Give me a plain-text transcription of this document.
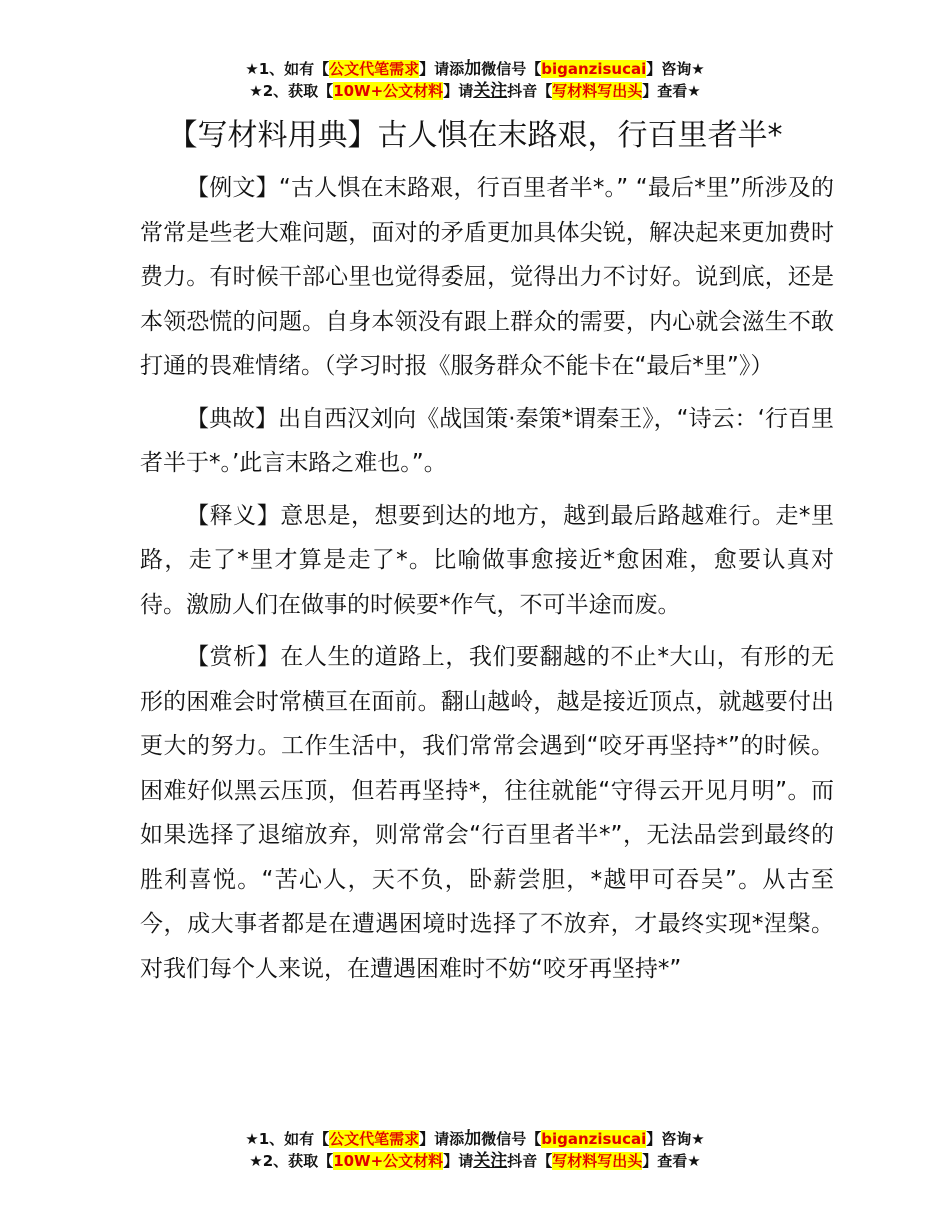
★1、如有【公文代笔需求】请添加微信号【biganzisucai】咨询★
★2、获取【10W+公文材料】请关注抖音【写材料写出头】查看★
【写材料用典】古人惧在末路艰，行百里者半*

【例文】“古人惧在末路艰，行百里者半*。” “最后*里”所涉及的常常是些老大难问题，面对的矛盾更加具体尖锐，解决起来更加费时费力。有时候干部心里也觉得委屈，觉得出力不讨好。说到底，还是本领恐慌的问题。自身本领没有跟上群众的需要，内心就会滋生不敢打通的畏难情绪。（学习时报《服务群众不能卡在“最后*里”》）

【典故】出自西汉刘向《战国策·秦策*谓秦王》，“诗云：‘行百里者半于*。’此言末路之难也。”。

【释义】意思是，想要到达的地方，越到最后路越难行。走*里路，走了*里才算是走了*。比喻做事愈接近*愈困难，愈要认真对待。激励人们在做事的时候要*作气，不可半途而废。

【赏析】在人生的道路上，我们要翻越的不止*大山，有形的无形的困难会时常横亘在面前。翻山越岭，越是接近顶点，就越要付出更大的努力。工作生活中，我们常常会遇到“咬牙再坚持*”的时候。困难好似黑云压顶，但若再坚持*，往往就能“守得云开见月明”。而如果选择了退缩放弃，则常常会“行百里者半*”，无法品尝到最终的胜利喜悦。“苦心人，天不负，卧薪尝胆，*越甲可吞吴”。从古至今，成大事者都是在遭遇困境时选择了不放弃，才最终实现*涅槃。对我们每个人来说，在遭遇困难时不妨“咬牙再坚持*”

★1、如有【公文代笔需求】请添加微信号【biganzisucai】咨询★
★2、获取【10W+公文材料】请关注抖音【写材料写出头】查看★
